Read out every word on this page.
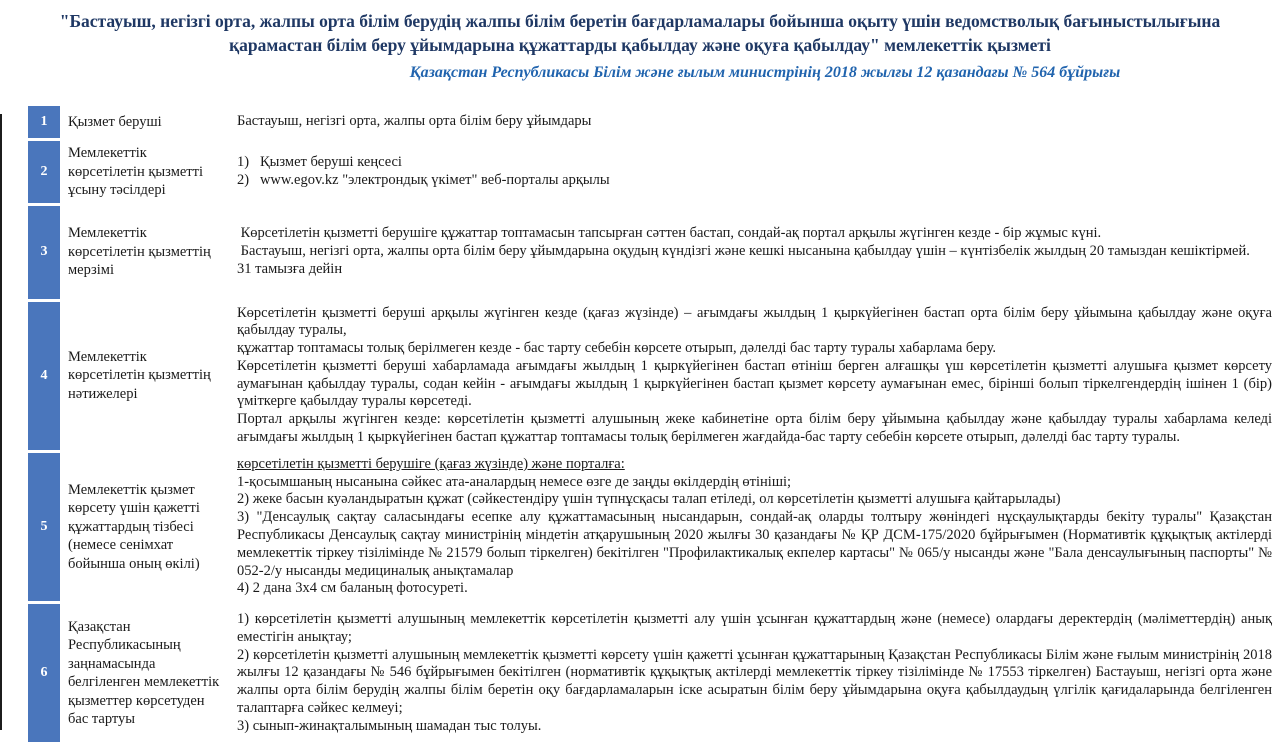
"Бастауыш, негізгі орта, жалпы орта білім берудің жалпы білім беретін бағдарламалары бойынша оқыту үшін ведомстволық бағыныстылығына қарамастан білім беру ұйымдарына құжаттарды қабылдау және оқуға қабылдау" мемлекеттік қызметі
Қазақстан Республикасы Білім және ғылым министрінің 2018 жылғы 12 қазандағы № 564 бұйрығы
1	Қызмет беруші	Бастауыш, негізгі орта, жалпы орта білім беру ұйымдары

2

Мемлекеттік көрсетілетін қызметті ұсыну тәсілдері

1)   Қызмет беруші кеңсесі

2)   www.egov.kz "электрондық үкімет" веб-порталы арқылы

3

Мемлекеттік көрсетілетін қызметтің мерзімі

Көрсетілетін қызметті берушіге құжаттар топтамасын тапсырған сәттен бастап, сондай-ақ портал арқылы жүгінген кезде - бір жұмыс күні.

Бастауыш, негізгі орта, жалпы орта білім беру ұйымдарына оқудың күндізгі және кешкі нысанына қабылдау үшін – күнтізбелік жылдың 20 тамыздан кешіктірмей.

31 тамызға дейін

4

Мемлекеттік көрсетілетін қызметтің нәтижелері

Көрсетілетін қызметті беруші арқылы жүгінген кезде (қағаз жүзінде) – ағымдағы жылдың 1 қыркүйегінен бастап орта білім беру ұйымына қабылдау және оқуға қабылдау туралы,

құжаттар топтамасы толық берілмеген кезде - бас тарту себебін көрсете отырып, дәлелді бас тарту туралы хабарлама беру.

Көрсетілетін қызметті беруші хабарламада ағымдағы жылдың 1 қыркүйегінен бастап өтініш берген алғашқы үш көрсетілетін қызметті алушыға қызмет көрсету аумағынан қабылдау туралы, содан кейін - ағымдағы жылдың 1 қыркүйегінен бастап қызмет көрсету аумағынан емес, бірінші болып тіркелгендердің ішінен 1 (бір) үміткерге қабылдау туралы көрсетеді.

Портал арқылы жүгінген кезде: көрсетілетін қызметті алушының жеке кабинетіне орта білім беру ұйымына қабылдау және қабылдау туралы хабарлама келеді ағымдағы жылдың 1 қыркүйегінен бастап құжаттар топтамасы толық берілмеген жағдайда-бас тарту себебін көрсете отырып, дәлелді бас тарту туралы.

5

Мемлекеттік қызмет көрсету үшін қажетті құжаттардың тізбесі (немесе сенімхат бойынша оның өкілі)

көрсетілетін қызметті берушіге (қағаз жүзінде) және порталға:

1-қосымшаның нысанына сәйкес ата-аналардың немесе өзге де заңды өкілдердің өтініші;

2) жеке басын куәландыратын құжат (сәйкестендіру үшін түпнұсқасы талап етіледі, ол көрсетілетін қызметті алушыға қайтарылады)

3) "Денсаулық сақтау саласындағы есепке алу құжаттамасының нысандарын, сондай-ақ оларды толтыру жөніндегі нұсқаулықтарды бекіту туралы" Қазақстан Республикасы Денсаулық сақтау министрінің міндетін атқарушының 2020 жылғы 30 қазандағы № ҚР ДСМ-175/2020 бұйрығымен (Нормативтік құқықтық актілерді мемлекеттік тіркеу тізілімінде № 21579 болып тіркелген) бекітілген "Профилактикалық екпелер картасы" № 065/у нысанды және "Бала денсаулығының паспорты" № 052-2/у нысанды медициналық анықтамалар

4) 2 дана 3х4 см баланың фотосуреті.

6

Қазақстан Республикасының заңнамасында белгіленген мемлекеттік қызметтер көрсетуден бас тартуы

1) көрсетілетін қызметті алушының мемлекеттік көрсетілетін қызметті алу үшін ұсынған құжаттардың және (немесе) олардағы деректердің (мәліметтердің) анық еместігін анықтау;

2) көрсетілетін қызметті алушының мемлекеттік қызметті көрсету үшін қажетті ұсынған құжаттарының Қазақстан Республикасы Білім және ғылым министрінің 2018 жылғы 12 қазандағы № 546 бұйрығымен бекітілген (нормативтік құқықтық актілерді мемлекеттік тіркеу тізілімінде № 17553 тіркелген) Бастауыш, негізгі орта және жалпы орта білім берудің жалпы білім беретін оқу бағдарламаларын іске асыратын білім беру ұйымдарына оқуға қабылдаудың үлгілік қағидаларында белгіленген талаптарға сәйкес келмеуі;

3) сынып-жинақталымының шамадан тыс толуы.
